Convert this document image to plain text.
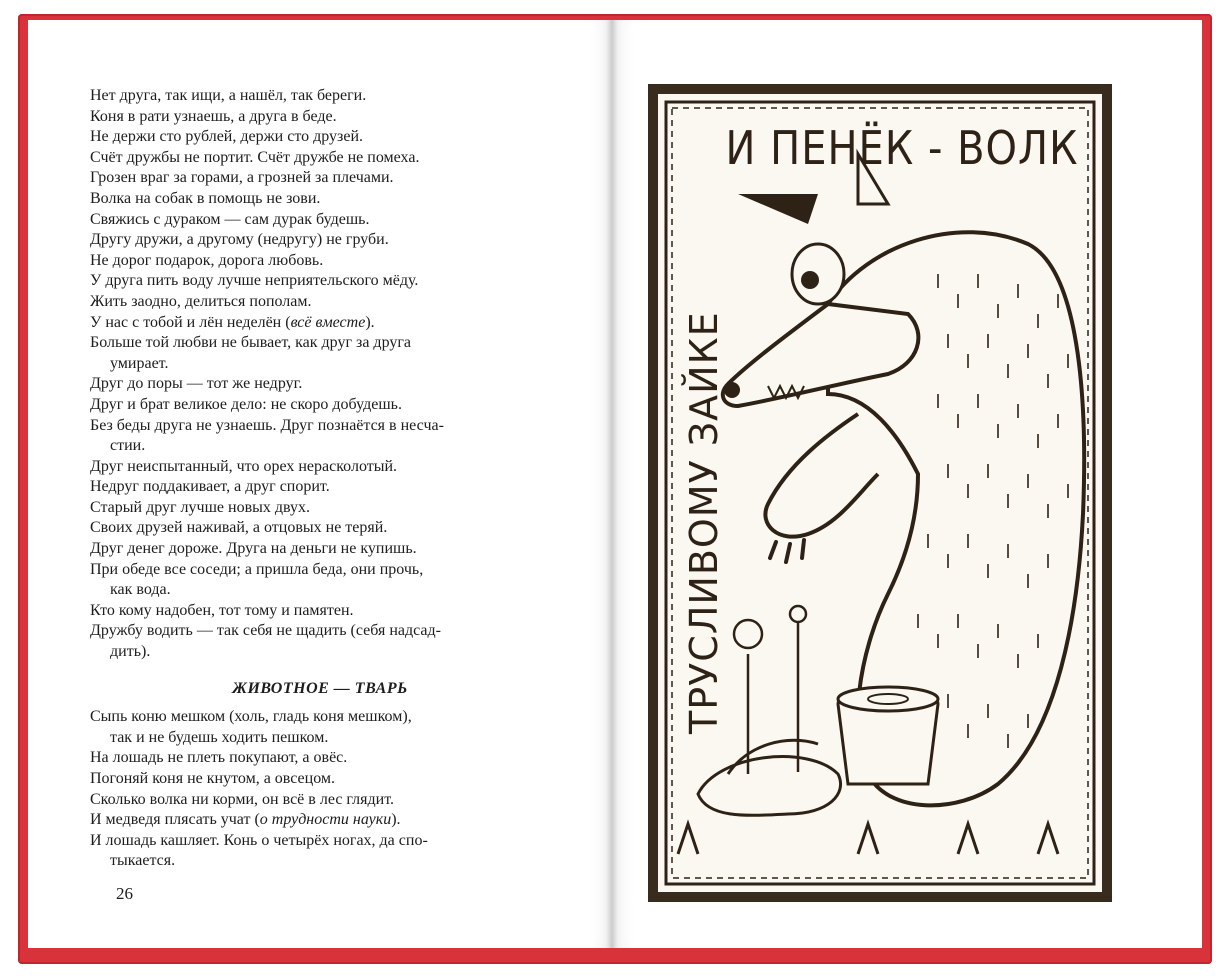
Нет друга, так ищи, а нашёл, так береги.

Коня в рати узнаешь, а друга в беде.

Не держи сто рублей, держи сто друзей.

Счёт дружбы не портит. Счёт дружбе не помеха.

Грозен враг за горами, а грозней за плечами.

Волка на собак в помощь не зови.

Свяжись с дураком — сам дурак будешь.

Другу дружи, а другому (недругу) не груби.

Не дорог подарок, дорога любовь.

У друга пить воду лучше неприятельского мёду.

Жить заодно, делиться пополам.

У нас с тобой и лён неделён (всё вместе).

Больше той любви не бывает, как друг за друга

умирает.

Друг до поры — тот же недруг.

Друг и брат великое дело: не скоро добудешь.

Без беды друга не узнаешь. Друг познаётся в несча-

стии.

Друг неиспытанный, что орех нерасколотый.

Недруг поддакивает, а друг спорит.

Старый друг лучше новых двух.

Своих друзей наживай, а отцовых не теряй.

Друг денег дороже. Друга на деньги не купишь.

При обеде все соседи; а пришла беда, они прочь,

как вода.

Кто кому надобен, тот тому и памятен.

Дружбу водить — так себя не щадить (себя надсад-

дить).

ЖИВОТНОЕ — ТВАРЬ

Сыпь коню мешком (холь, гладь коня мешком),

так и не будешь ходить пешком.

На лошадь не плеть покупают, а овёс.

Погоняй коня не кнутом, а овсецом.

Сколько волка ни корми, он всё в лес глядит.

И медведя плясать учат (о трудности науки).

И лошадь кашляет. Конь о четырёх ногах, да спо-

тыкается.

26
И ПЕНЁК - ВОЛК
ТРУСЛИВОМУ ЗАЙКЕ
